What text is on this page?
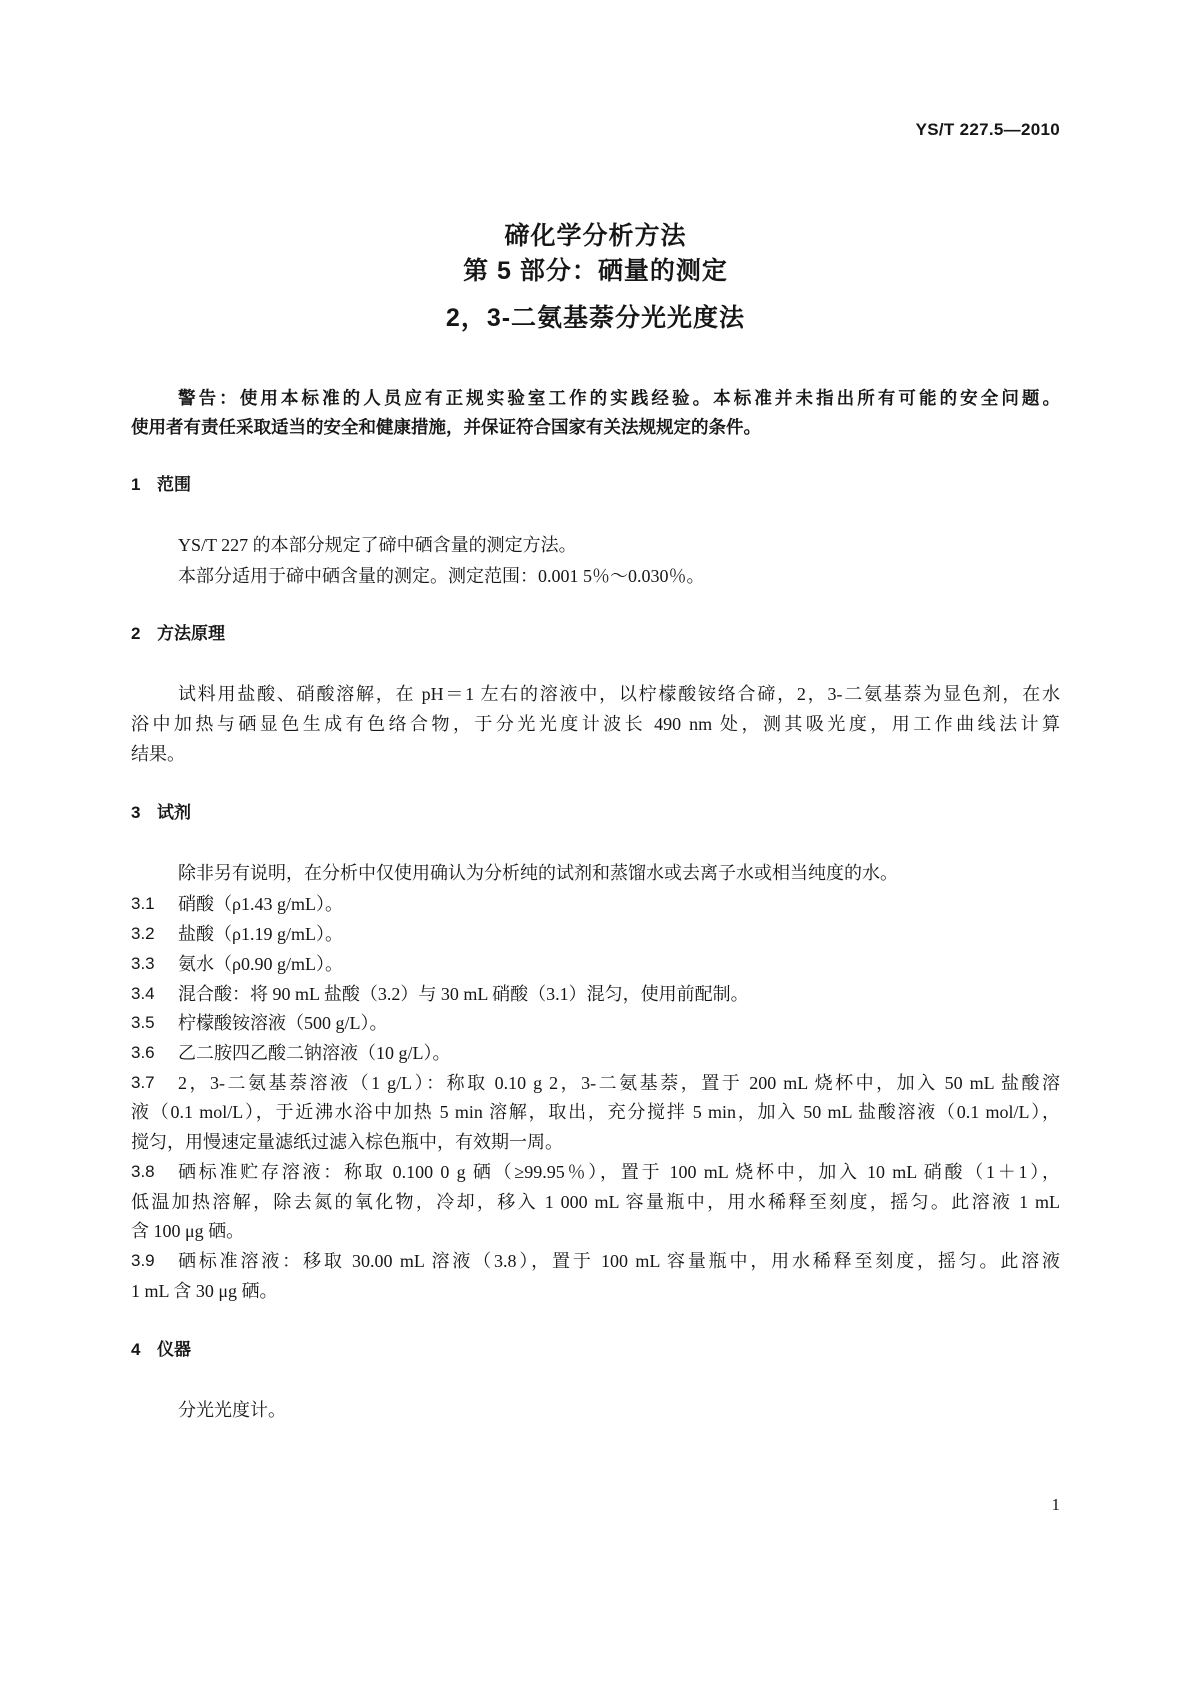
YS/T 227.5—2010
碲化学分析方法
第 5 部分：硒量的测定
2，3-二氨基萘分光光度法
警告：使用本标准的人员应有正规实验室工作的实践经验。本标准并未指出所有可能的安全问题。
使用者有责任采取适当的安全和健康措施，并保证符合国家有关法规规定的条件。
1 范围
YS/T 227 的本部分规定了碲中硒含量的测定方法。
本部分适用于碲中硒含量的测定。测定范围：0.001 5％～0.030％。
2 方法原理
试料用盐酸、硝酸溶解，在 pH＝1 左右的溶液中，以柠檬酸铵络合碲，2，3-二氨基萘为显色剂，在水
浴中加热与硒显色生成有色络合物，于分光光度计波长 490 nm 处，测其吸光度，用工作曲线法计算
结果。
3 试剂
除非另有说明，在分析中仅使用确认为分析纯的试剂和蒸馏水或去离子水或相当纯度的水。
3.1 硝酸（ρ1.43 g/mL）。
3.2 盐酸（ρ1.19 g/mL）。
3.3 氨水（ρ0.90 g/mL）。
3.4 混合酸：将 90 mL 盐酸（3.2）与 30 mL 硝酸（3.1）混匀，使用前配制。
3.5 柠檬酸铵溶液（500 g/L）。
3.6 乙二胺四乙酸二钠溶液（10 g/L）。
3.7 2，3-二氨基萘溶液（1 g/L）：称取 0.10 g 2，3-二氨基萘，置于 200 mL 烧杯中，加入 50 mL 盐酸溶
液（0.1 mol/L），于近沸水浴中加热 5 min 溶解，取出，充分搅拌 5 min，加入 50 mL 盐酸溶液（0.1 mol/L），
搅匀，用慢速定量滤纸过滤入棕色瓶中，有效期一周。
3.8 硒标准贮存溶液：称取 0.100 0 g 硒（≥99.95％），置于 100 mL 烧杯中，加入 10 mL 硝酸（1＋1），
低温加热溶解，除去氮的氧化物，冷却，移入 1 000 mL 容量瓶中，用水稀释至刻度，摇匀。此溶液 1 mL
含 100 μg 硒。
3.9 硒标准溶液：移取 30.00 mL 溶液（3.8），置于 100 mL 容量瓶中，用水稀释至刻度，摇匀。此溶液
1 mL 含 30 μg 硒。
4 仪器
分光光度计。
1
